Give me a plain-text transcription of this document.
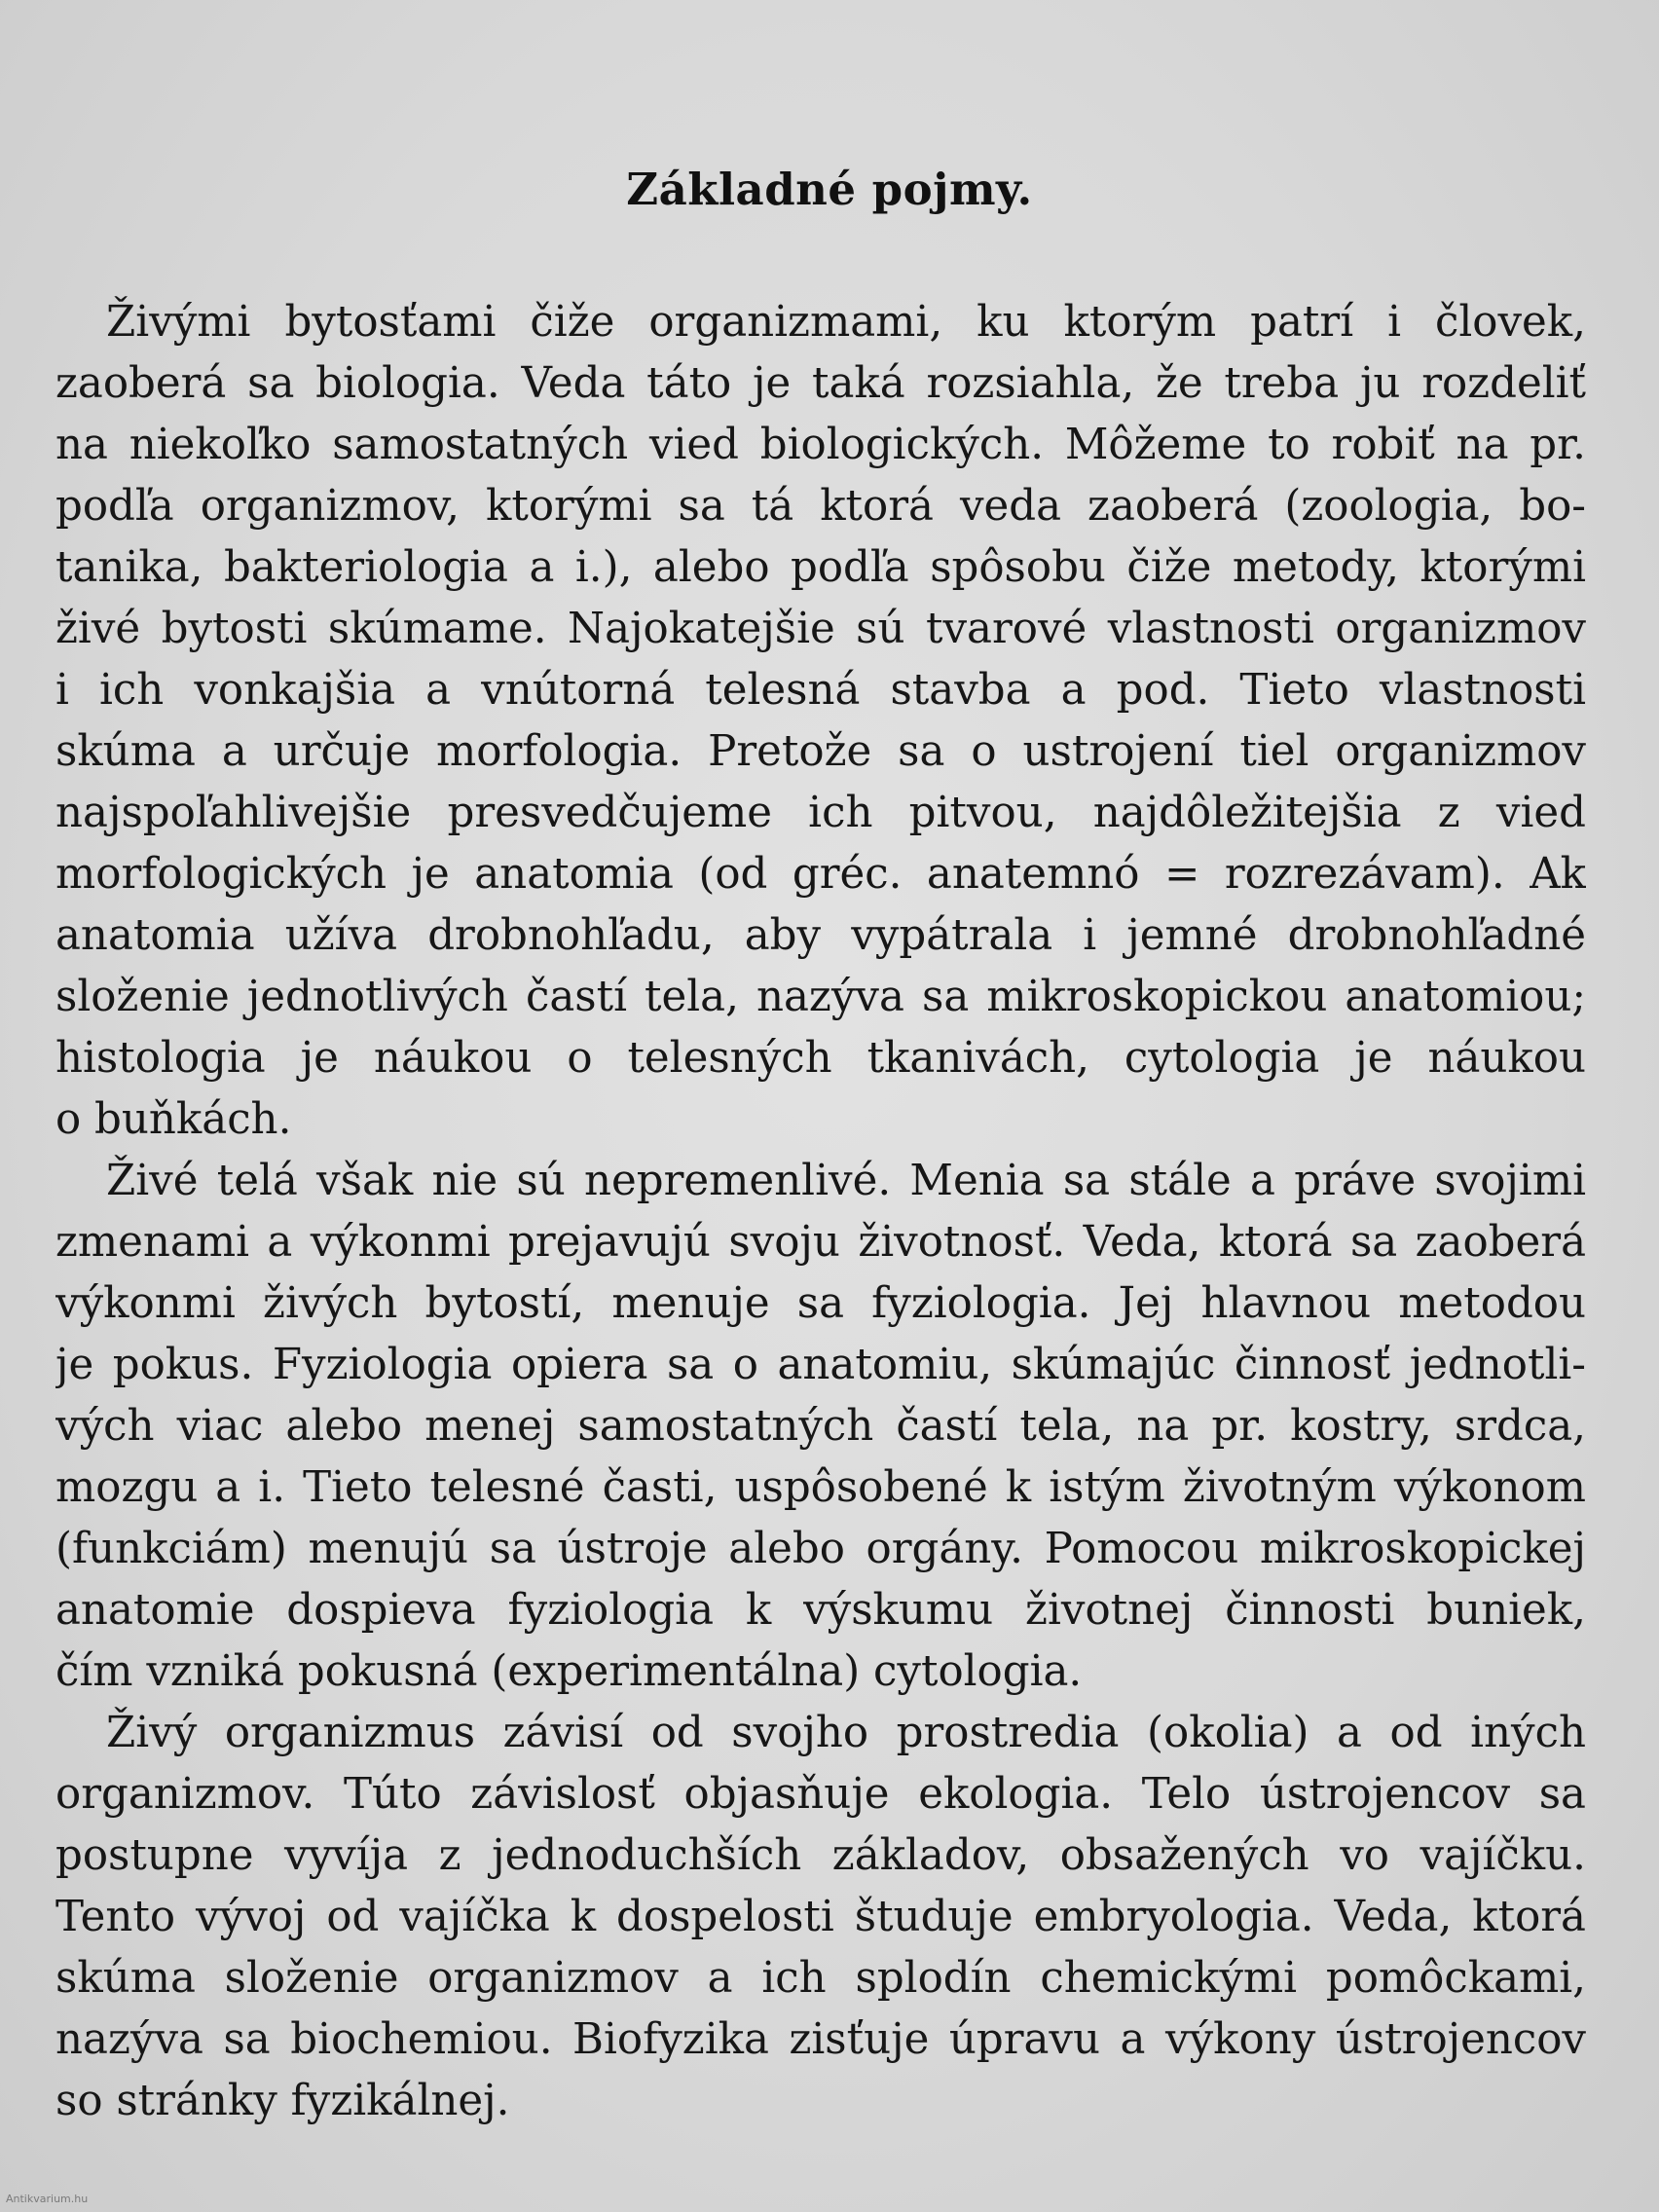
Základné pojmy.
Živými bytosťami čiže organizmami, ku ktorým patrí i človek,
zaoberá sa biologia. Veda táto je taká rozsiahla, že treba ju rozdeliť
na niekoľko samostatných vied biologických. Môžeme to robiť na pr.
podľa organizmov, ktorými sa tá ktorá veda zaoberá (zoologia, bo-
tanika, bakteriologia a i.), alebo podľa spôsobu čiže metody, ktorými
živé bytosti skúmame. Najokatejšie sú tvarové vlastnosti organizmov
i ich vonkajšia a vnútorná telesná stavba a pod. Tieto vlastnosti
skúma a určuje morfologia. Pretože sa o ustrojení tiel organizmov
najspoľahlivejšie presvedčujeme ich pitvou, najdôležitejšia z vied
morfologických je anatomia (od gréc. anatemnó = rozrezávam). Ak
anatomia užíva drobnohľadu, aby vypátrala i jemné drobnohľadné
složenie jednotlivých častí tela, nazýva sa mikroskopickou anatomiou;
histologia je náukou o telesných tkanivách, cytologia je náukou
o buňkách.
Živé telá však nie sú nepremenlivé. Menia sa stále a práve svojimi
zmenami a výkonmi prejavujú svoju životnosť. Veda, ktorá sa zaoberá
výkonmi živých bytostí, menuje sa fyziologia. Jej hlavnou metodou
je pokus. Fyziologia opiera sa o anatomiu, skúmajúc činnosť jednotli-
vých viac alebo menej samostatných častí tela, na pr. kostry, srdca,
mozgu a i. Tieto telesné časti, uspôsobené k istým životným výkonom
(funkciám) menujú sa ústroje alebo orgány. Pomocou mikroskopickej
anatomie dospieva fyziologia k výskumu životnej činnosti buniek,
čím vzniká pokusná (experimentálna) cytologia.
Živý organizmus závisí od svojho prostredia (okolia) a od iných
organizmov. Túto závislosť objasňuje ekologia. Telo ústrojencov sa
postupne vyvíja z jednoduchších základov, obsažených vo vajíčku.
Tento vývoj od vajíčka k dospelosti študuje embryologia. Veda, ktorá
skúma složenie organizmov a ich splodín chemickými pomôckami,
nazýva sa biochemiou. Biofyzika zisťuje úpravu a výkony ústrojencov
so stránky fyzikálnej.
Antikvarium.hu
